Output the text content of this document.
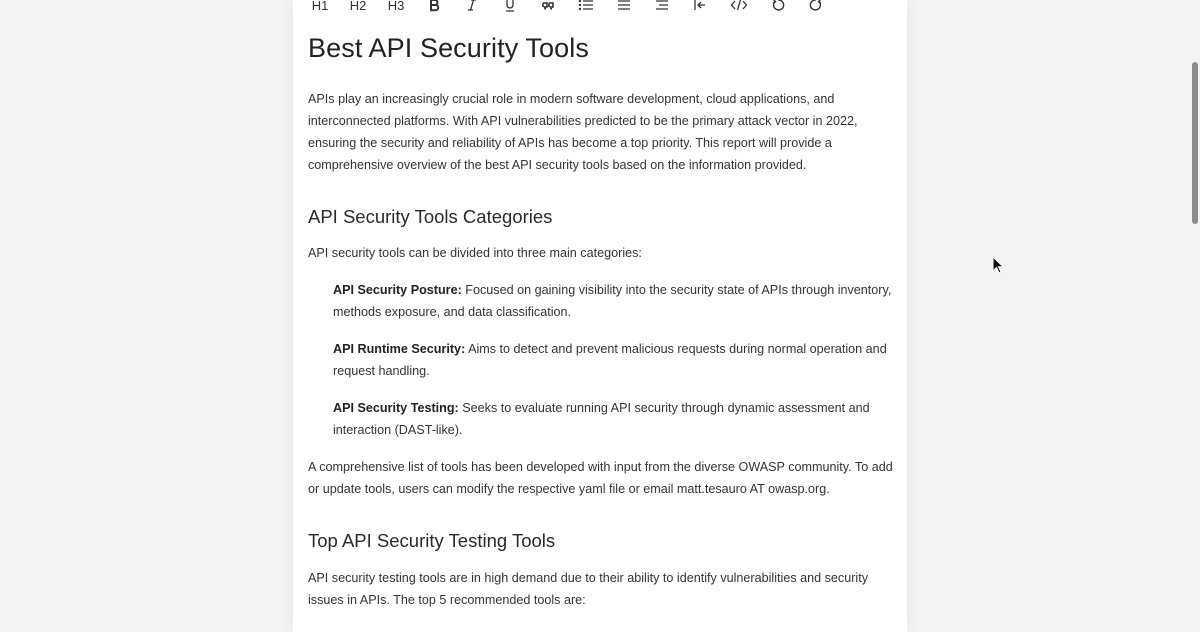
H1 H2 H3
Best API Security Tools

APIs play an increasingly crucial role in modern software development, cloud applications, and interconnected platforms. With API vulnerabilities predicted to be the primary attack vector in 2022, ensuring the security and reliability of APIs has become a top priority. This report will provide a comprehensive overview of the best API security tools based on the information provided.

API Security Tools Categories

API security tools can be divided into three main categories:

API Security Posture: Focused on gaining visibility into the security state of APIs through inventory, methods exposure, and data classification.

API Runtime Security: Aims to detect and prevent malicious requests during normal operation and request handling.

API Security Testing: Seeks to evaluate running API security through dynamic assessment and interaction (DAST-like).

A comprehensive list of tools has been developed with input from the diverse OWASP community. To add or update tools, users can modify the respective yaml file or email matt.tesauro AT owasp.org.

Top API Security Testing Tools

API security testing tools are in high demand due to their ability to identify vulnerabilities and security issues in APIs. The top 5 recommended tools are:
